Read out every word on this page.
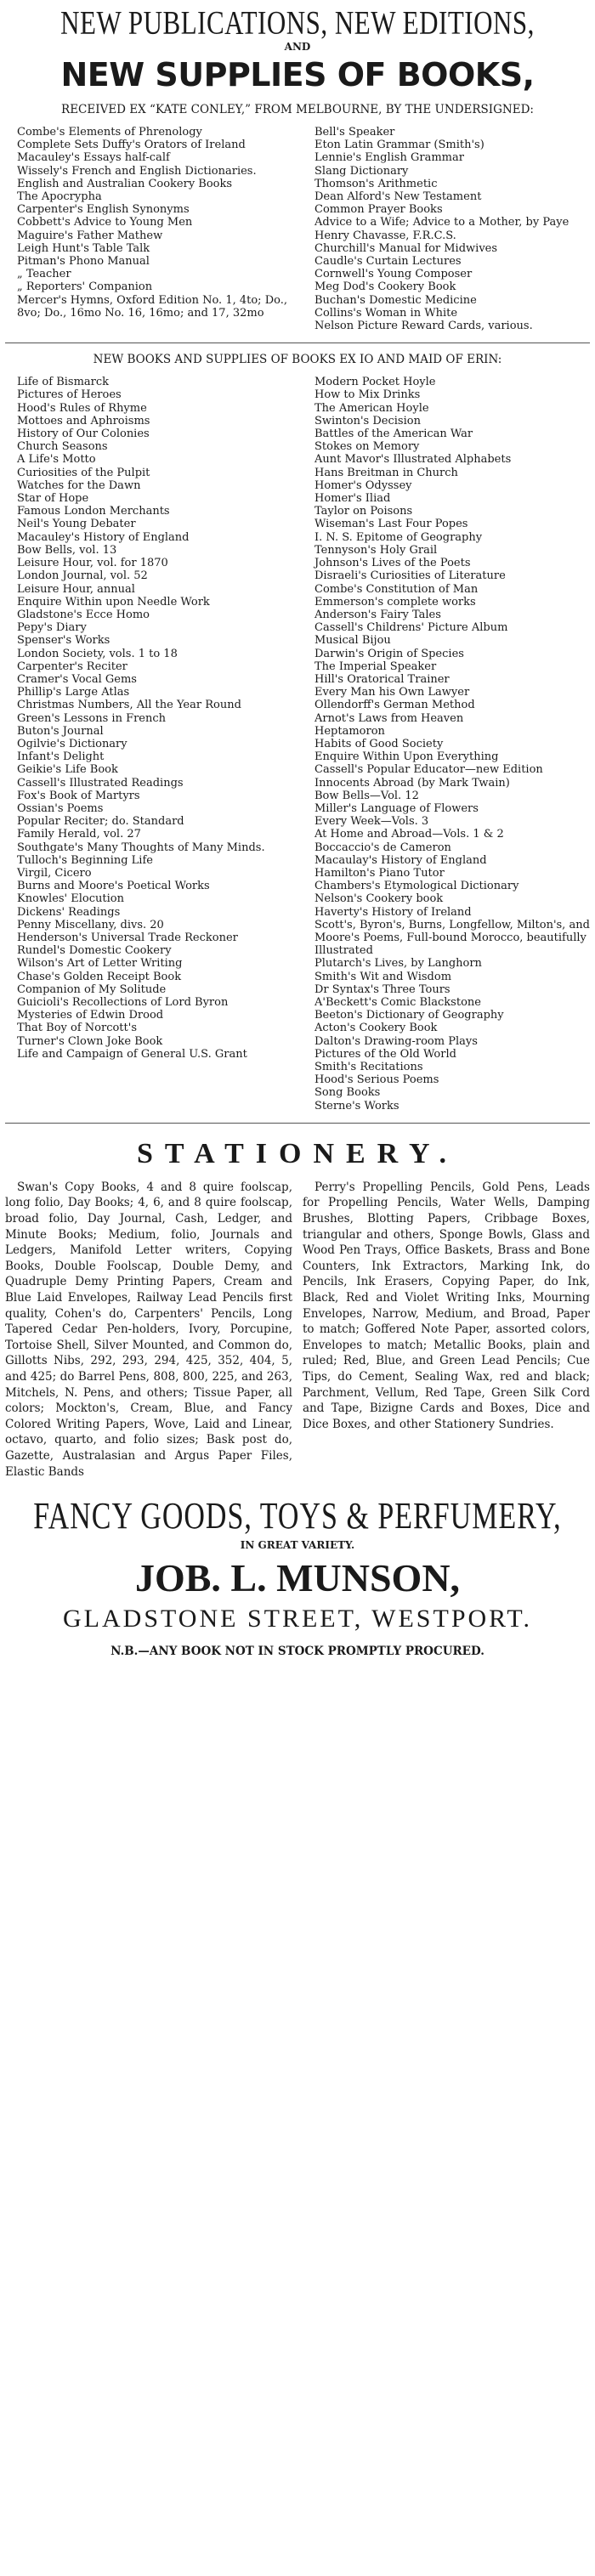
NEW PUBLICATIONS, NEW EDITIONS,
AND
NEW SUPPLIES OF BOOKS,

RECEIVED EX “KATE CONLEY,” FROM MELBOURNE, BY THE UNDERSIGNED:

Combe's Elements of Phrenology
Complete Sets Duffy's Orators of Ireland
Macauley's Essays half-calf
Wissely's French and English Dictionaries.
English and Australian Cookery Books
The Apocrypha
Carpenter's English Synonyms
Cobbett's Advice to Young Men
Maguire's Father Mathew
Leigh Hunt's Table Talk
Pitman's Phono Manual
„ Teacher
„ Reporters' Companion
Mercer's Hymns, Oxford Edition No. 1, 4to; Do., 8vo; Do., 16mo No. 16, 16mo; and 17, 32mo
Bell's Speaker
Eton Latin Grammar (Smith's)
Lennie's English Grammar
Slang Dictionary
Thomson's Arithmetic
Dean Alford's New Testament
Common Prayer Books
Advice to a Wife; Advice to a Mother, by Paye Henry Chavasse, F.R.C.S.
Churchill's Manual for Midwives
Caudle's Curtain Lectures
Cornwell's Young Composer
Meg Dod's Cookery Book
Buchan's Domestic Medicine
Collins's Woman in White
Nelson Picture Reward Cards, various.

NEW BOOKS AND SUPPLIES OF BOOKS EX IO AND MAID OF ERIN:

Life of Bismarck
Pictures of Heroes
Hood's Rules of Rhyme
Mottoes and Aphroisms
History of Our Colonies
Church Seasons
A Life's Motto
Curiosities of the Pulpit
Watches for the Dawn
Star of Hope
Famous London Merchants
Neil's Young Debater
Macauley's History of England
Bow Bells, vol. 13
Leisure Hour, vol. for 1870
London Journal, vol. 52
Leisure Hour, annual
Enquire Within upon Needle Work
Gladstone's Ecce Homo
Pepy's Diary
Spenser's Works
London Society, vols. 1 to 18
Carpenter's Reciter
Cramer's Vocal Gems
Phillip's Large Atlas
Christmas Numbers, All the Year Round
Green's Lessons in French
Buton's Journal
Ogilvie's Dictionary
Infant's Delight
Geikie's Life Book
Cassell's Illustrated Readings
Fox's Book of Martyrs
Ossian's Poems
Popular Reciter; do. Standard
Family Herald, vol. 27
Southgate's Many Thoughts of Many Minds.
Tulloch's Beginning Life
Virgil, Cicero
Burns and Moore's Poetical Works
Knowles' Elocution
Dickens' Readings
Penny Miscellany, divs. 20
Henderson's Universal Trade Reckoner
Rundel's Domestic Cookery
Wilson's Art of Letter Writing
Chase's Golden Receipt Book
Companion of My Solitude
Guicioli's Recollections of Lord Byron
Mysteries of Edwin Drood
That Boy of Norcott's
Turner's Clown Joke Book
Life and Campaign of General U.S. Grant
Modern Pocket Hoyle
How to Mix Drinks
The American Hoyle
Swinton's Decision
Battles of the American War
Stokes on Memory
Aunt Mavor's Illustrated Alphabets
Hans Breitman in Church
Homer's Odyssey
Homer's Iliad
Taylor on Poisons
Wiseman's Last Four Popes
I. N. S. Epitome of Geography
Tennyson's Holy Grail
Johnson's Lives of the Poets
Disraeli's Curiosities of Literature
Combe's Constitution of Man
Emmerson's complete works
Anderson's Fairy Tales
Cassell's Childrens' Picture Album
Musical Bijou
Darwin's Origin of Species
The Imperial Speaker
Hill's Oratorical Trainer
Every Man his Own Lawyer
Ollendorff's German Method
Arnot's Laws from Heaven
Heptamoron
Habits of Good Society
Enquire Within Upon Everything
Cassell's Popular Educator—new Edition
Innocents Abroad (by Mark Twain)
Bow Bells—Vol. 12
Miller's Language of Flowers
Every Week—Vols. 3
At Home and Abroad—Vols. 1 & 2
Boccaccio's de Cameron
Macaulay's History of England
Hamilton's Piano Tutor
Chambers's Etymological Dictionary
Nelson's Cookery book
Haverty's History of Ireland
Scott's, Byron's, Burns, Longfellow, Milton's, and Moore's Poems, Full-bound Morocco, beautifully Illustrated
Plutarch's Lives, by Langhorn
Smith's Wit and Wisdom
Dr Syntax's Three Tours
A'Beckett's Comic Blackstone
Beeton's Dictionary of Geography
Acton's Cookery Book
Dalton's Drawing-room Plays
Pictures of the Old World
Smith's Recitations
Hood's Serious Poems
Song Books
Sterne's Works
STATIONERY.

Swan's Copy Books, 4 and 8 quire foolscap, long folio, Day Books; 4, 6, and 8 quire foolscap, broad folio, Day Journal, Cash, Ledger, and Minute Books; Medium, folio, Journals and Ledgers, Manifold Letter writers, Copying Books, Double Foolscap, Double Demy, and Quadruple Demy Printing Papers, Cream and Blue Laid Envelopes, Railway Lead Pencils first quality, Cohen's do, Carpenters' Pencils, Long Tapered Cedar Pen-holders, Ivory, Porcupine, Tortoise Shell, Silver Mounted, and Common do, Gillotts Nibs, 292, 293, 294, 425, 352, 404, 5, and 425; do Barrel Pens, 808, 800, 225, and 263, Mitchels, N. Pens, and others; Tissue Paper, all colors; Mockton's, Cream, Blue, and Fancy Colored Writing Papers, Wove, Laid and Linear, octavo, quarto, and folio sizes; Bask post do, Gazette, Australasian and Argus Paper Files, Elastic Bands

Perry's Propelling Pencils, Gold Pens, Leads for Propelling Pencils, Water Wells, Damping Brushes, Blotting Papers, Cribbage Boxes, triangular and others, Sponge Bowls, Glass and Wood Pen Trays, Office Baskets, Brass and Bone Counters, Ink Extractors, Marking Ink, do Pencils, Ink Erasers, Copying Paper, do Ink, Black, Red and Violet Writing Inks, Mourning Envelopes, Narrow, Medium, and Broad, Paper to match; Goffered Note Paper, assorted colors, Envelopes to match; Metallic Books, plain and ruled; Red, Blue, and Green Lead Pencils; Cue Tips, do Cement, Sealing Wax, red and black; Parchment, Vellum, Red Tape, Green Silk Cord and Tape, Bizigne Cards and Boxes, Dice and Dice Boxes, and other Stationery Sundries.

FANCY GOODS, TOYS & PERFUMERY,
IN GREAT VARIETY.
JOB. L. MUNSON,
GLADSTONE STREET, WESTPORT.
N.B.—ANY BOOK NOT IN STOCK PROMPTLY PROCURED.
